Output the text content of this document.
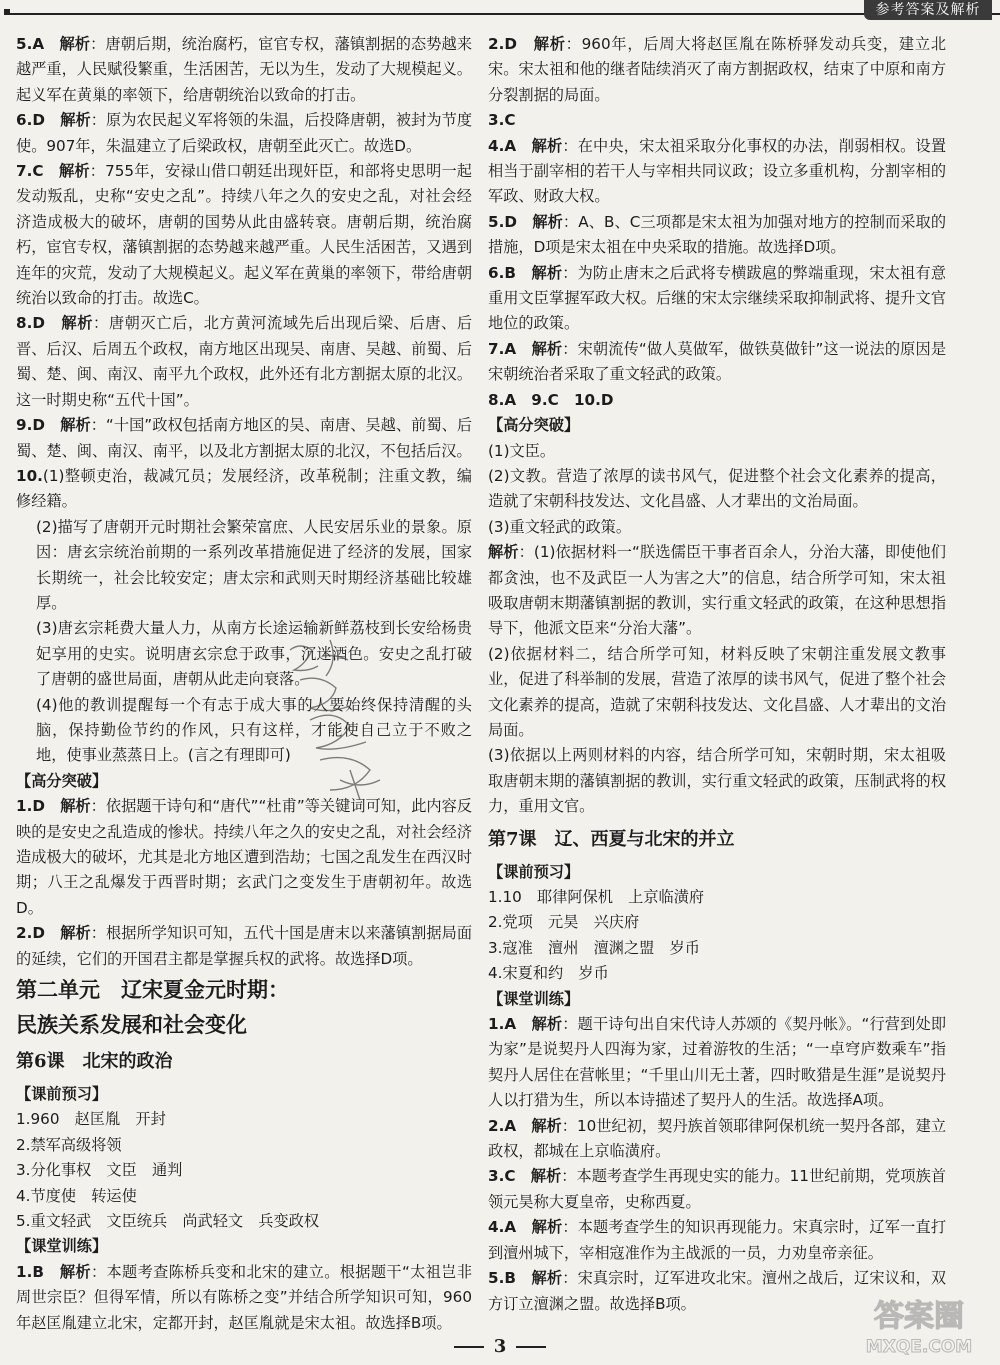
参考答案及解析

5.A　 解析：唐朝后期，统治腐朽，宦官专权，藩镇割据的态势越来越严重，人民赋役繁重，生活困苦，无以为生，发动了大规模起义。起义军在黄巢的率领下，给唐朝统治以致命的打击。

6.D　 解析：原为农民起义军将领的朱温，后投降唐朝，被封为节度使。907年，朱温建立了后梁政权，唐朝至此灭亡。故选D。

7.C　 解析：755年，安禄山借口朝廷出现奸臣，和部将史思明一起发动叛乱，史称“安史之乱”。持续八年之久的安史之乱，对社会经济造成极大的破坏，唐朝的国势从此由盛转衰。唐朝后期，统治腐朽，宦官专权，藩镇割据的态势越来越严重。人民生活困苦，又遇到连年的灾荒，发动了大规模起义。起义军在黄巢的率领下，带给唐朝统治以致命的打击。故选C。

8.D　 解析：唐朝灭亡后，北方黄河流域先后出现后梁、后唐、后晋、后汉、后周五个政权，南方地区出现吴、南唐、吴越、前蜀、后蜀、楚、闽、南汉、南平九个政权，此外还有北方割据太原的北汉。这一时期史称“五代十国”。

9.D　 解析：“十国”政权包括南方地区的吴、南唐、吴越、前蜀、后蜀、楚、闽、南汉、南平，以及北方割据太原的北汉，不包括后汉。

10.(1)整顿吏治，裁减冗员；发展经济，改革税制；注重文教，编修经籍。

(2)描写了唐朝开元时期社会繁荣富庶、人民安居乐业的景象。原因：唐玄宗统治前期的一系列改革措施促进了经济的发展，国家长期统一，社会比较安定；唐太宗和武则天时期经济基础比较雄厚。

(3)唐玄宗耗费大量人力，从南方长途运输新鲜荔枝到长安给杨贵妃享用的史实。说明唐玄宗怠于政事，沉迷酒色。安史之乱打破了唐朝的盛世局面，唐朝从此走向衰落。

(4)他的教训提醒每一个有志于成大事的人要始终保持清醒的头脑，保持勤俭节约的作风，只有这样，才能使自己立于不败之地，使事业蒸蒸日上。(言之有理即可)

【高分突破】

1.D　 解析：依据题干诗句和“唐代”“杜甫”等关键词可知，此内容反映的是安史之乱造成的惨状。持续八年之久的安史之乱，对社会经济造成极大的破坏，尤其是北方地区遭到浩劫；七国之乱发生在西汉时期；八王之乱爆发于西晋时期；玄武门之变发生于唐朝初年。故选D。

2.D　 解析：根据所学知识可知，五代十国是唐末以来藩镇割据局面的延续，它们的开国君主都是掌握兵权的武将。故选择D项。

第二单元　辽宋夏金元时期：
民族关系发展和社会变化

第6课　北宋的政治

【课前预习】

1.960　赵匡胤　开封

2.禁军高级将领

3.分化事权　文臣　通判

4.节度使　转运使

5.重文轻武　文臣统兵　尚武轻文　兵变政权

【课堂训练】

1.B　 解析：本题考查陈桥兵变和北宋的建立。根据题干“太祖岂非周世宗臣？但得军情，所以有陈桥之变”并结合所学知识可知，960年赵匡胤建立北宋，定都开封，赵匡胤就是宋太祖。故选择B项。

2.D　 解析：960年，后周大将赵匡胤在陈桥驿发动兵变，建立北宋。宋太祖和他的继者陆续消灭了南方割据政权，结束了中原和南方分裂割据的局面。

3.C

4.A　 解析：在中央，宋太祖采取分化事权的办法，削弱相权。设置相当于副宰相的若干人与宰相共同议政；设立多重机构，分割宰相的军政、财政大权。

5.D　 解析：A、B、C三项都是宋太祖为加强对地方的控制而采取的措施，D项是宋太祖在中央采取的措施。故选择D项。

6.B　 解析：为防止唐末之后武将专横跋扈的弊端重现，宋太祖有意重用文臣掌握军政大权。后继的宋太宗继续采取抑制武将、提升文官地位的政策。

7.A　 解析：宋朝流传“做人莫做军，做铁莫做针”这一说法的原因是宋朝统治者采取了重文轻武的政策。

8.A　9.C　10.D

【高分突破】

(1)文臣。

(2)文教。营造了浓厚的读书风气，促进整个社会文化素养的提高，造就了宋朝科技发达、文化昌盛、人才辈出的文治局面。

(3)重文轻武的政策。

解析：(1)依据材料一“朕选儒臣干事者百余人，分治大藩，即使他们都贪浊，也不及武臣一人为害之大”的信息，结合所学可知，宋太祖吸取唐朝末期藩镇割据的教训，实行重文轻武的政策，在这种思想指导下，他派文臣来“分治大藩”。

(2)依据材料二，结合所学可知，材料反映了宋朝注重发展文教事业，促进了科举制的发展，营造了浓厚的读书风气，促进了整个社会文化素养的提高，造就了宋朝科技发达、文化昌盛、人才辈出的文治局面。

(3)依据以上两则材料的内容，结合所学可知，宋朝时期，宋太祖吸取唐朝末期的藩镇割据的教训，实行重文轻武的政策，压制武将的权力，重用文官。

第7课　辽、西夏与北宋的并立

【课前预习】

1.10　耶律阿保机　上京临潢府

2.党项　元昊　兴庆府

3.寇准　澶州　澶渊之盟　岁币

4.宋夏和约　岁币

【课堂训练】

1.A　 解析：题干诗句出自宋代诗人苏颂的《契丹帐》。“行营到处即为家”是说契丹人四海为家，过着游牧的生活；“一卓穹庐数乘车”指契丹人居住在营帐里；“千里山川无土著，四时畋猎是生涯”是说契丹人以打猎为生，所以本诗描述了契丹人的生活。故选择A项。

2.A　 解析：10世纪初，契丹族首领耶律阿保机统一契丹各部，建立政权，都城在上京临潢府。

3.C　 解析：本题考查学生再现史实的能力。11世纪前期，党项族首领元昊称大夏皇帝，史称西夏。

4.A　 解析：本题考查学生的知识再现能力。宋真宗时，辽军一直打到澶州城下，宰相寇准作为主战派的一员，力劝皇帝亲征。

5.B　 解析：宋真宗时，辽军进攻北宋。澶州之战后，辽宋议和，双方订立澶渊之盟。故选择B项。

3
答案圈
MXQE.COM
